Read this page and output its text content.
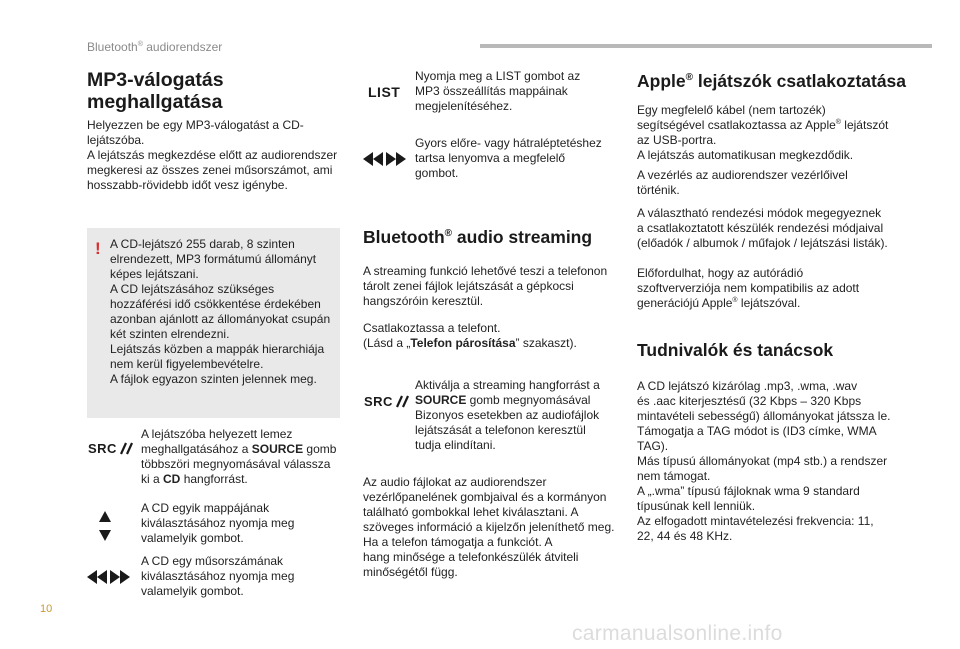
Bluetooth® audiorendszer
MP3-válogatás
meghallgatása

Helyezzen be egy MP3-válogatást a CD-

lejátszóba.

A lejátszás megkezdése előtt az audiorendszer

megkeresi az összes zenei műsorszámot, ami

hosszabb-rövidebb időt vesz igénybe.

! A CD-lejátszó 255 darab, 8 szinten

elrendezett, MP3 formátumú állományt

képes lejátszani.

A CD lejátszásához szükséges

hozzáférési idő csökkentése érdekében

azonban ajánlott az állományokat csupán

két szinten elrendezni.

Lejátszás közben a mappák hierarchiája

nem kerül figyelembevételre.

A fájlok egyazon szinten jelennek meg.

SRC

A lejátszóba helyezett lemez

meghallgatásához a SOURCE gomb

többszöri megnyomásával válassza

ki a CD hangforrást.

A CD egyik mappájának

kiválasztásához nyomja meg

valamelyik gombot.

A CD egy műsorszámának

kiválasztásához nyomja meg

valamelyik gombot.

LIST

Nyomja meg a LIST gombot az

MP3 összeállítás mappáinak

megjelenítéséhez.

Gyors előre- vagy hátraléptetéshez

tartsa lenyomva a megfelelő

gombot.

Bluetooth® audio streaming

A streaming funkció lehetővé teszi a telefonon

tárolt zenei fájlok lejátszását a gépkocsi

hangszóróin keresztül.

Csatlakoztassa a telefont.

(Lásd a „Telefon párosítása” szakaszt).

SRC

Aktiválja a streaming hangforrást a

SOURCE gomb megnyomásával

Bizonyos esetekben az audiofájlok

lejátszását a telefonon keresztül

tudja elindítani.

Az audio fájlokat az audiorendszer

vezérlőpanelének gombjaival és a kormányon

található gombokkal lehet kiválasztani. A

szöveges információ a kijelzőn jeleníthető meg.

Ha a telefon támogatja a funkciót. A

hang minősége a telefonkészülék átviteli

minőségétől függ.

Apple® lejátszók csatlakoztatása

Egy megfelelő kábel (nem tartozék)

segítségével csatlakoztassa az Apple® lejátszót

az USB-portra.

A lejátszás automatikusan megkezdődik.

A vezérlés az audiorendszer vezérlőivel

történik.

A választható rendezési módok megegyeznek

a csatlakoztatott készülék rendezési módjaival

(előadók / albumok / műfajok / lejátszási listák).

Előfordulhat, hogy az autórádió

szoftververziója nem kompatibilis az adott

generációjú Apple® lejátszóval.

Tudnivalók és tanácsok

A CD lejátszó kizárólag .mp3, .wma, .wav

és .aac kiterjesztésű (32 Kbps – 320 Kbps

mintavételi sebességű) állományokat játssza le.

Támogatja a TAG módot is (ID3 címke, WMA

TAG).

Más típusú állományokat (mp4 stb.) a rendszer

nem támogat.

A „.wma” típusú fájloknak wma 9 standard

típusúnak kell lenniük.

Az elfogadott mintavételezési frekvencia: 11,

22, 44 és 48 KHz.

10
carmanualsonline.info
